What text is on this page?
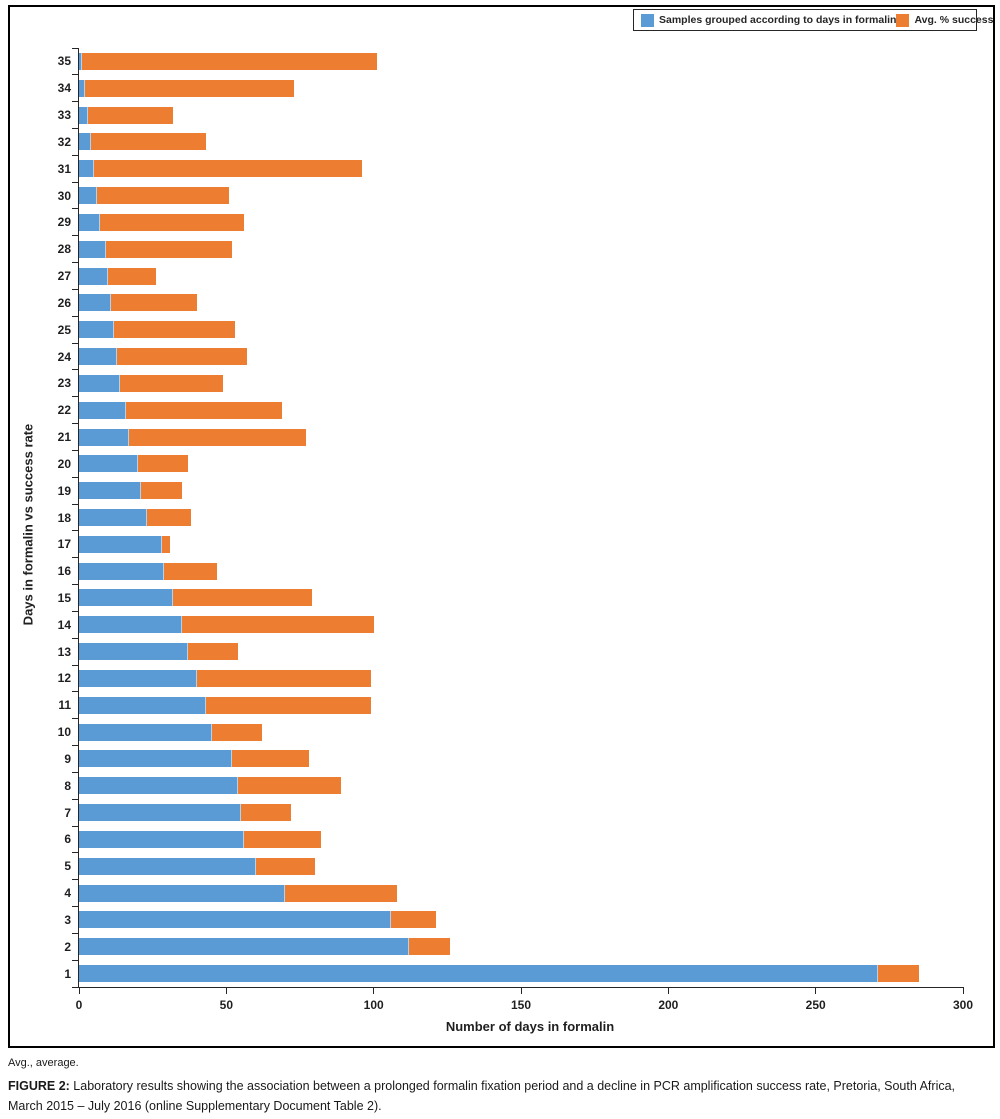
Days in formalin vs success rate
Number of days in formalin
Samples grouped according to days in formalin Avg. % success
35
34
33
32
31
30
29
28
27
26
25
24
23
22
21
20
19
18
17
16
15
14
13
12
11
10
9
8
7
6
5
4
3
2
1
0	50	100	150	200	250	300
Avg., average.
FIGURE 2: Laboratory results showing the association between a prolonged formalin fixation period and a decline in PCR amplification success rate, Pretoria, South Africa, March 2015 – July 2016 (online Supplementary Document Table 2).
